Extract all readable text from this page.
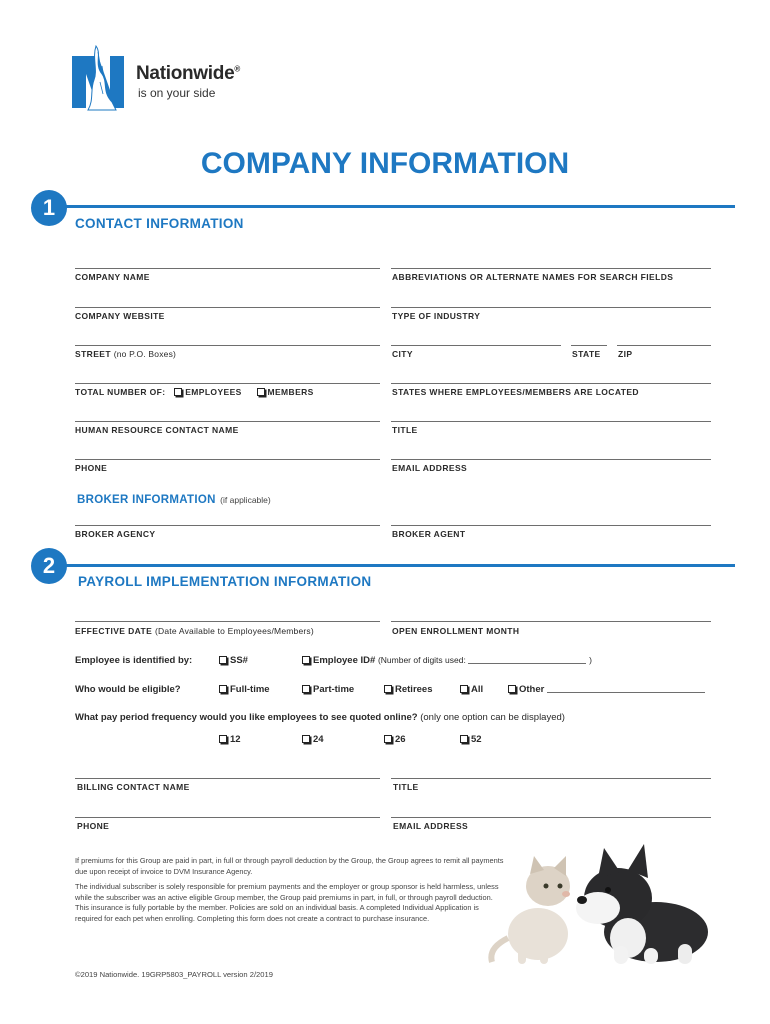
Nationwide®
is on your side
COMPANY INFORMATION
1
CONTACT INFORMATION
COMPANY NAME	ABBREVIATIONS OR ALTERNATE NAMES FOR SEARCH FIELDS
COMPANY WEBSITE	TYPE OF INDUSTRY
STREET (no P.O. Boxes)	CITY	STATE ZIP
TOTAL NUMBER OF: EMPLOYEES	MEMBERS	STATES WHERE EMPLOYEES/MEMBERS ARE LOCATED
HUMAN RESOURCE CONTACT NAME	TITLE
PHONE	EMAIL ADDRESS
BROKER INFORMATION (if applicable)
BROKER AGENCY	BROKER AGENT
2
PAYROLL IMPLEMENTATION INFORMATION
EFFECTIVE DATE (Date Available to Employees/Members)	OPEN ENROLLMENT MONTH
Employee is identified by:	SS#	Employee ID# (Number of digits used:	)
Who would be eligible?	Full-time	Part-time	Retirees	All	Other
What pay period frequency would you like employees to see quoted online? (only one option can be displayed)
12	24	26	52
BILLING CONTACT NAME	TITLE
PHONE	EMAIL ADDRESS
If premiums for this Group are paid in part, in full or through payroll deduction by the Group, the Group agrees to remit all payments due upon receipt of invoice to DVM Insurance Agency.
The individual subscriber is solely responsible for premium payments and the employer or group sponsor is held harmless, unless while the subscriber was an active eligible Group member, the Group paid premiums in part, in full, or through payroll deduction. This insurance is fully portable by the member. Policies are sold on an individual basis. A completed Individual Application is required for each pet when enrolling. Completing this form does not create a contract to purchase insurance.
©2019 Nationwide. 19GRP5803_PAYROLL version 2/2019
